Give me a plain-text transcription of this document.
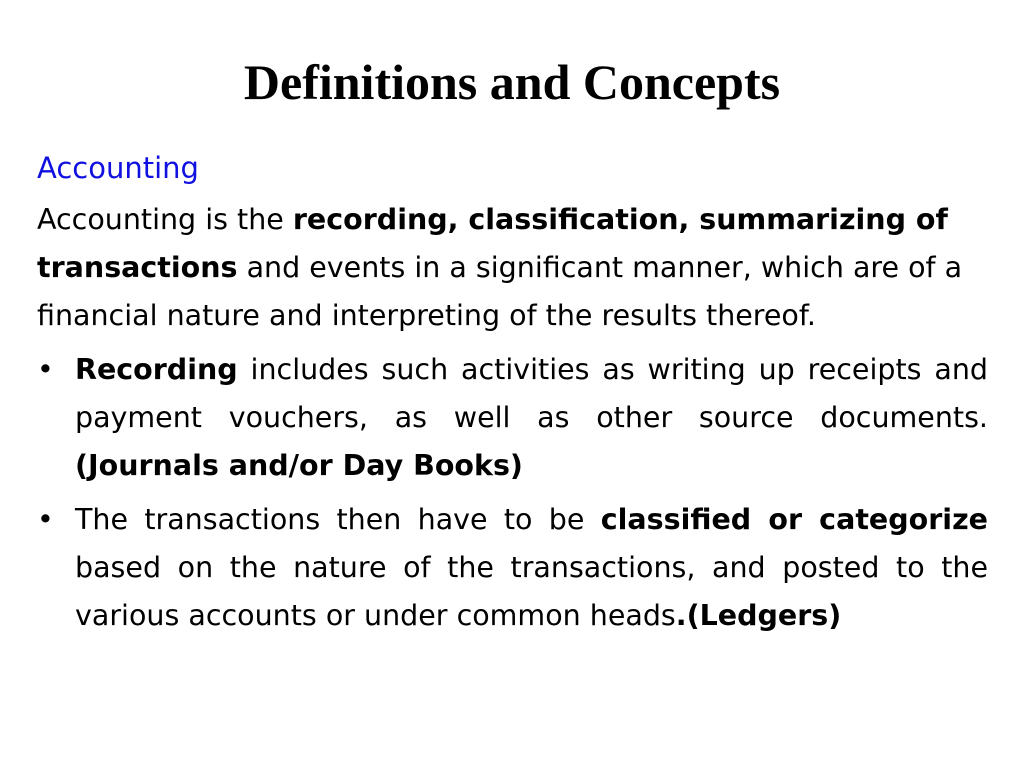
Definitions and Concepts
Accounting

Accounting is the recording, classification, summarizing of transactions and events in a significant manner, which are of a financial nature and interpreting of the results thereof.

• Recording includes such activities as writing up receipts and payment vouchers, as well as other source documents. (Journals and/or Day Books)
• The transactions then have to be classified or categorize based on the nature of the transactions, and posted to the various accounts or under common heads.(Ledgers)
